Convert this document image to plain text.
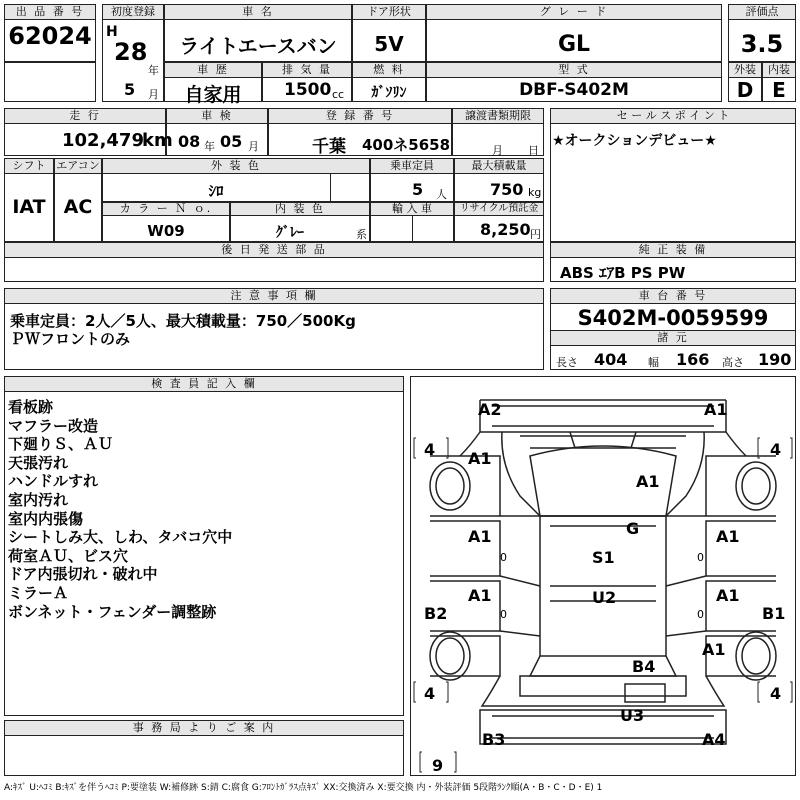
出 品 番 号
62024
初度登録
H
28
年
5 月
車 名
ライトエースバン
ドア形状
5V
グ レ ー ド
GL
評価点
3.5
車 歴
自家用
排 気 量
1500 cc
燃 料
ｶﾞｿﾘﾝ
型 式
DBF-S402M
外装
D
内装
E
走 行
102,479
km
車 検
08 年 05 月
登 録 番 号
千葉 400ネ5658
譲渡書類期限
月 日
セ ー ル ス ポ イ ン ト
★オークションデビュー★
シフト
IAT
エアコン
AC
外 装 色
ｼﾛ
乗車定員
5 人
最大積載量
750 kg
カ ラ ー Ｎ ｏ.
W09
内 装 色
ｸﾞﾚｰ	系
輸 入 車	リサイクル預託金
8,250 円
後 日 発 送 部 品	純 正 装 備
ABS ｴｱB PS PW
注 意 事 項 欄
乗車定員：2人／5人、最大積載量：750／500Kg
ＰＷフロントのみ
車 台 番 号
S402M-0059599
諸 元
長さ 404 幅 166 高さ 190
検 査 員 記 入 欄
看板跡
マフラー改造
下廻りＳ、ＡＵ
天張汚れ
ハンドルすれ
室内汚れ
室内内張傷
シートしみ大、しわ、タバコ穴中
荷室ＡＵ、ビス穴
ドア内張切れ・破れ中
ミラーＡ
ボンネット・フェンダー調整跡
事 務 局 よ り ご 案 内
A2	A1
A1
A1
G
A1	A1
S1
A1	A1
U2
B2	B1
A1
B4
U3
B3	A4
4	4
4	4
9
0	0
0	0
A:ｷｽﾞ U:ﾍｺﾐ B:ｷｽﾞを伴うﾍｺﾐ P:要塗装 W:補修跡 S:錆 C:腐食 G:ﾌﾛﾝﾄｶﾞﾗｽ点ｷｽﾞ XX:交換済み X:要交換 内・外装評価 5段階ﾗﾝｸ順(A・B・C・D・E) 1
